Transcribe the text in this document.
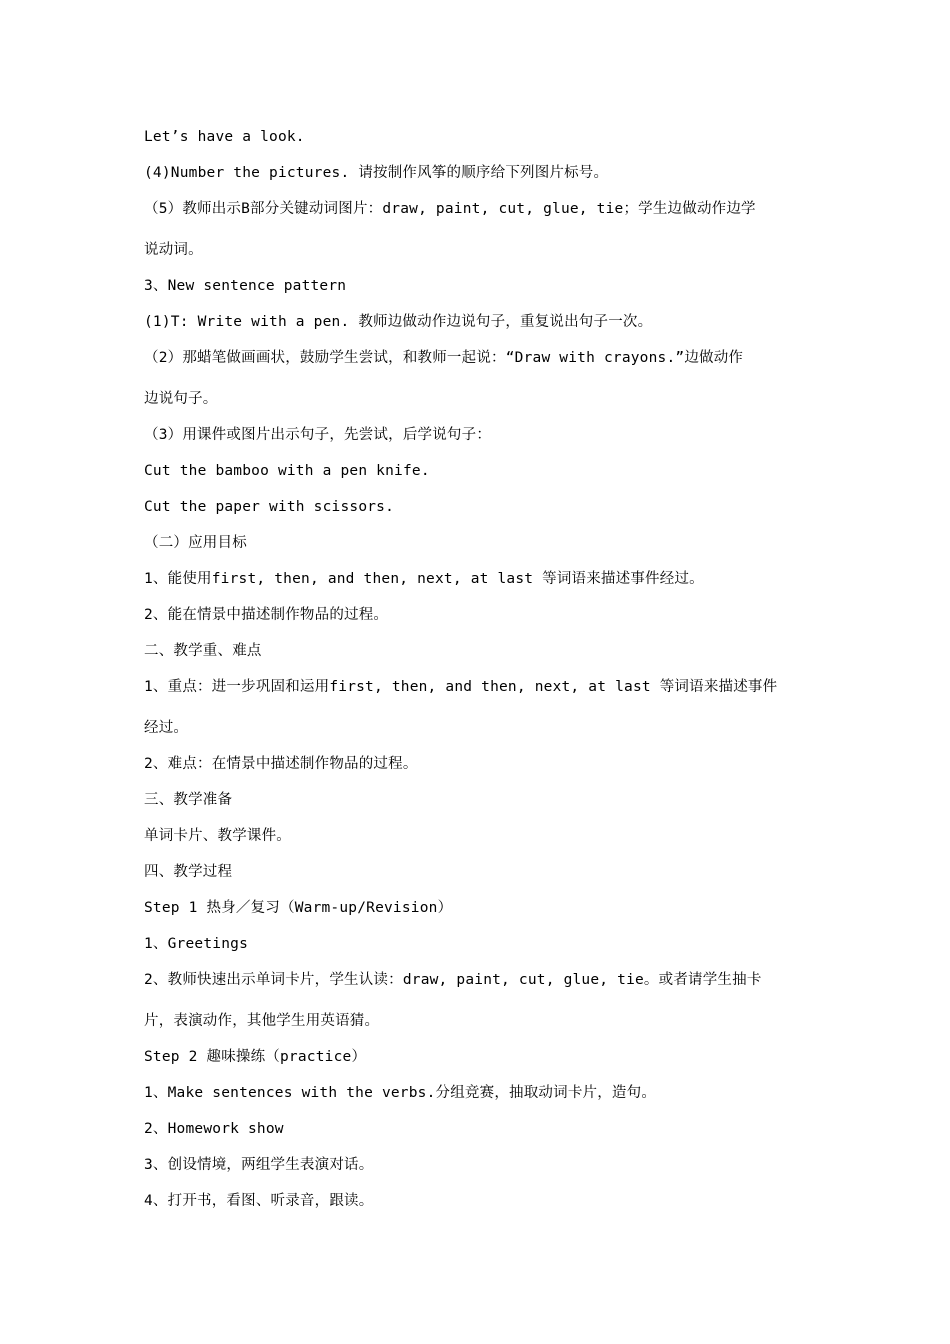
Let’s have a look.
(4)Number the pictures. 请按制作风筝的顺序给下列图片标号。
（5）教师出示B部分关键动词图片：draw, paint, cut, glue, tie；学生边做动作边学
说动词。
3、New sentence pattern
(1)T: Write with a pen. 教师边做动作边说句子，重复说出句子一次。
（2）那蜡笔做画画状，鼓励学生尝试，和教师一起说：“Draw with crayons.”边做动作
边说句子。
（3）用课件或图片出示句子，先尝试，后学说句子：
Cut the bamboo with a pen knife.
Cut the paper with scissors.
（二）应用目标
1、能使用first, then, and then, next, at last 等词语来描述事件经过。
2、能在情景中描述制作物品的过程。
二、教学重、难点
1、重点：进一步巩固和运用first, then, and then, next, at last 等词语来描述事件
经过。
2、难点：在情景中描述制作物品的过程。
三、教学准备
单词卡片、教学课件。
四、教学过程
Step 1 热身／复习（Warm-up/Revision）
1、Greetings
2、教师快速出示单词卡片，学生认读：draw, paint, cut, glue, tie。或者请学生抽卡
片，表演动作，其他学生用英语猜。
Step 2 趣味操练（practice）
1、Make sentences with the verbs.分组竞赛，抽取动词卡片，造句。
2、Homework show
3、创设情境，两组学生表演对话。
4、打开书，看图、听录音，跟读。
